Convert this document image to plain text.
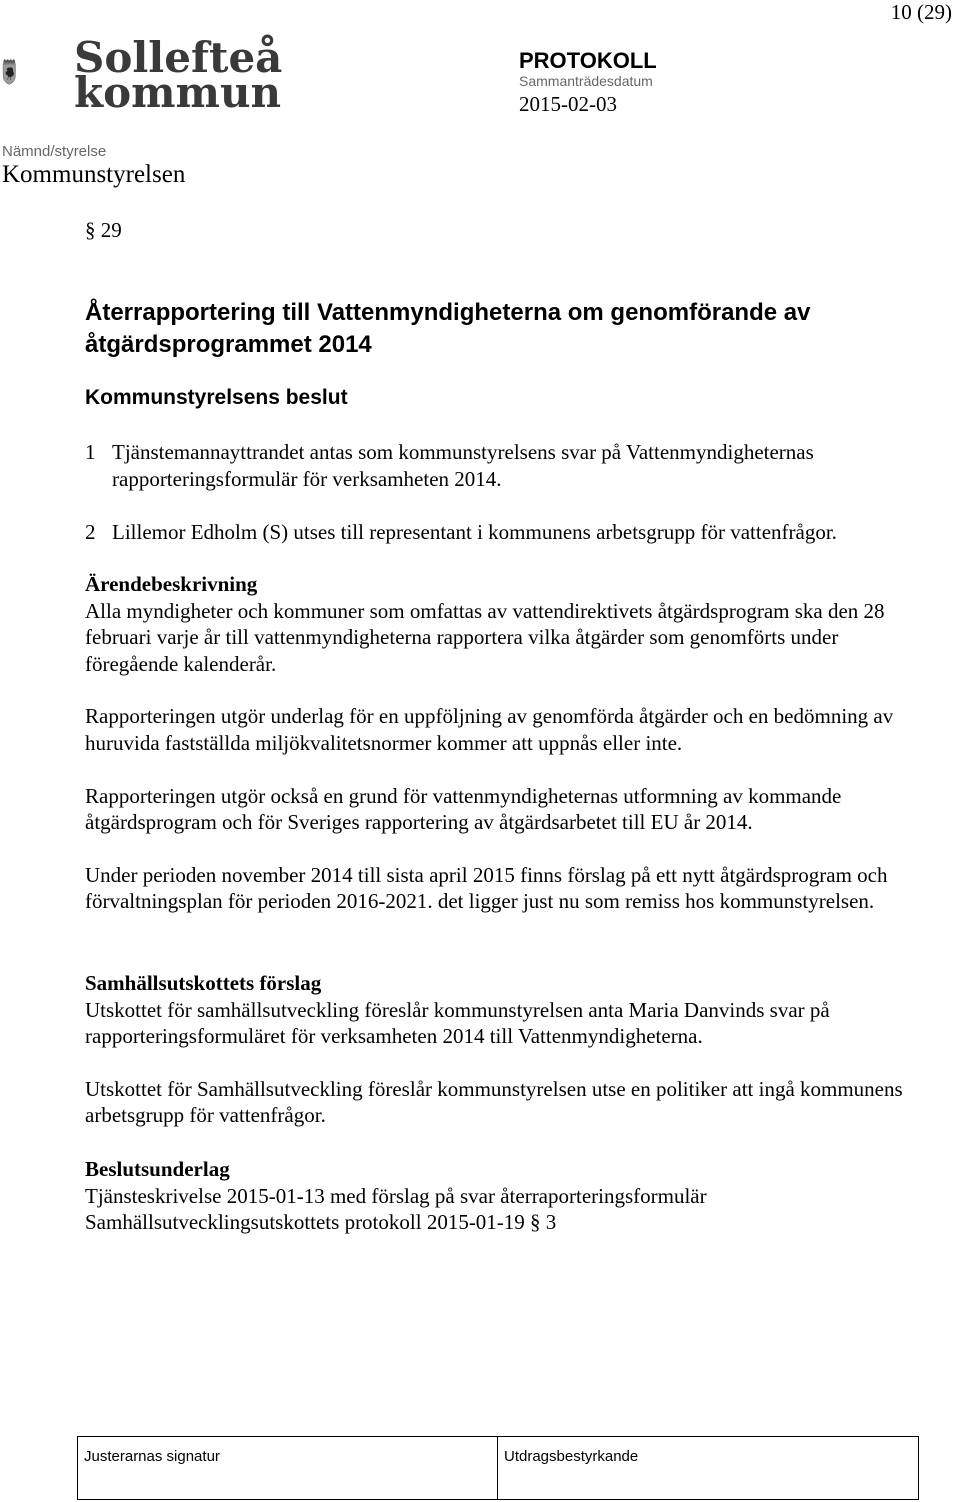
10 (29)
Sollefteå
kommun
PROTOKOLL
Sammanträdesdatum
2015-02-03
Nämnd/styrelse
Kommunstyrelsen
§ 29
Återrapportering till Vattenmyndigheterna om genomförande av åtgärdsprogrammet 2014
Kommunstyrelsens beslut
1 Tjänstemannayttrandet antas som kommunstyrelsens svar på Vattenmyndigheternas rapporteringsformulär för verksamheten 2014.
2 Lillemor Edholm (S) utses till representant i kommunens arbetsgrupp för vattenfrågor.

Ärendebeskrivning

Alla myndigheter och kommuner som omfattas av vattendirektivets åtgärdsprogram ska den 28 februari varje år till vattenmyndigheterna rapportera vilka åtgärder som genomförts under föregående kalenderår.

Rapporteringen utgör underlag för en uppföljning av genomförda åtgärder och en bedömning av huruvida fastställda miljökvalitetsnormer kommer att uppnås eller inte.

Rapporteringen utgör också en grund för vattenmyndigheternas utformning av kommande åtgärdsprogram och för Sveriges rapportering av åtgärdsarbetet till EU år 2014.

Under perioden november 2014 till sista april 2015 finns förslag på ett nytt åtgärdsprogram och förvaltningsplan för perioden 2016-2021. det ligger just nu som remiss hos kommunstyrelsen.

Samhällsutskottets förslag

Utskottet för samhällsutveckling föreslår kommunstyrelsen anta Maria Danvinds svar på rapporteringsformuläret för verksamheten 2014 till Vattenmyndigheterna.

Utskottet för Samhällsutveckling föreslår kommunstyrelsen utse en politiker att ingå kommunens arbetsgrupp för vattenfrågor.

Beslutsunderlag

Tjänsteskrivelse 2015-01-13 med förslag på svar återraporteringsformulär

Samhällsutvecklingsutskottets protokoll 2015-01-19 § 3

Justerarnas signatur	Utdragsbestyrkande
